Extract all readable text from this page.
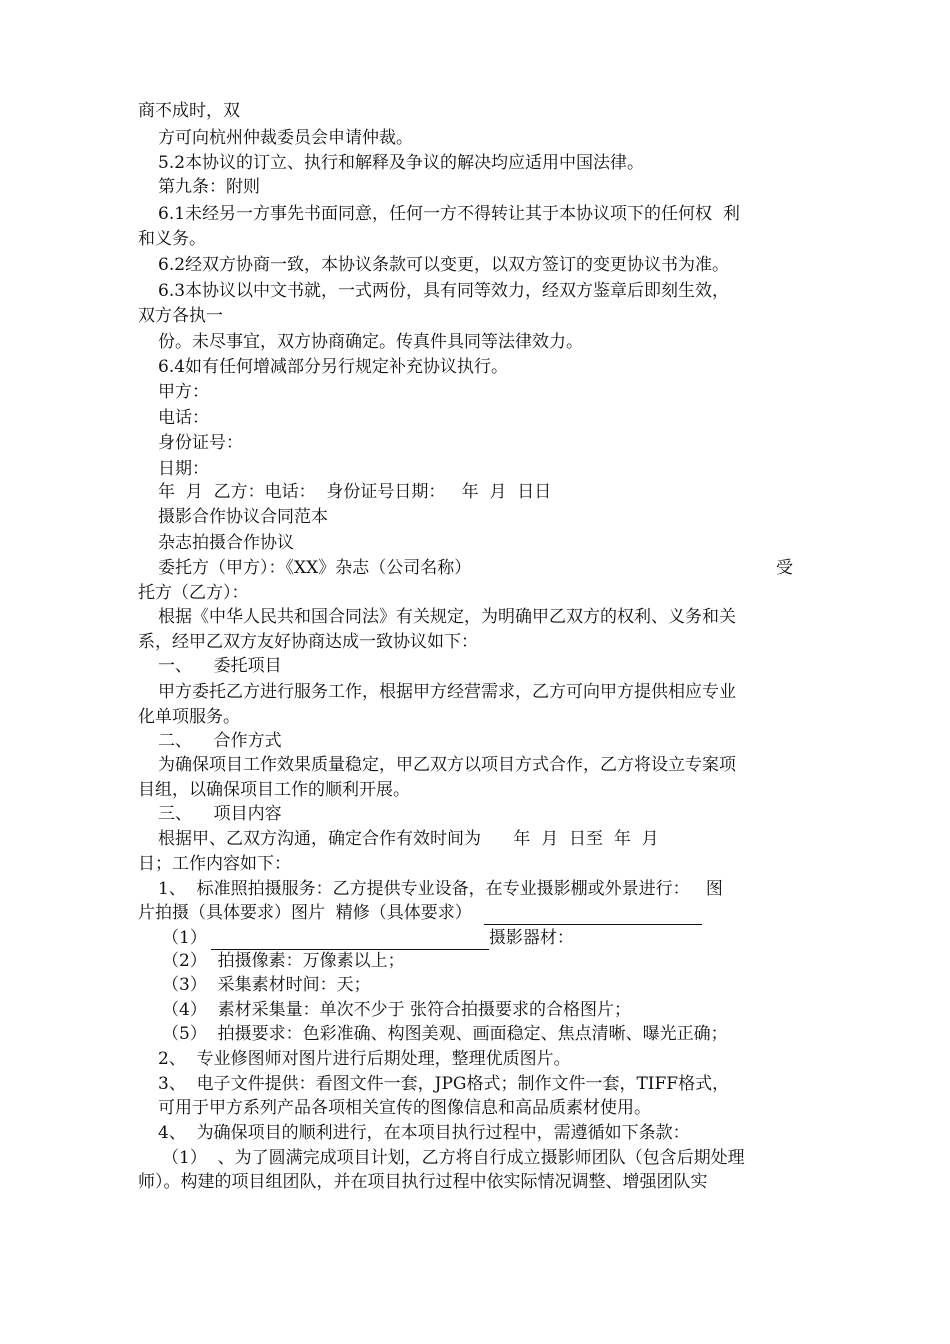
商不成时，双
方可向杭州仲裁委员会申请仲裁。
5.2本协议的订立、执行和解释及争议的解决均应适用中国法律。
第九条：附则
6.1未经另一方事先书面同意，任何一方不得转让其于本协议项下的任何权  利
和义务。
6.2经双方协商一致，本协议条款可以变更，以双方签订的变更协议书为准。
6.3本协议以中文书就，一式两份，具有同等效力，经双方鉴章后即刻生效，
双方各执一
份。未尽事宜，双方协商确定。传真件具同等法律效力。
6.4如有任何增减部分另行规定补充协议执行。
甲方：
电话：
身份证号：
日期：
年  月  乙方：电话：  身份证号日期：   年  月  日日
摄影合作协议合同范本
杂志拍摄合作协议
委托方（甲方）：《XX》杂志（公司名称）	受
托方（乙方）：
根据《中华人民共和国合同法》有关规定，为明确甲乙双方的权利、义务和关
系，经甲乙双方友好协商达成一致协议如下：
一、    委托项目
甲方委托乙方进行服务工作，根据甲方经营需求，乙方可向甲方提供相应专业
化单项服务。
二、    合作方式
为确保项目工作效果质量稳定，甲乙双方以项目方式合作，乙方将设立专案项
目组，以确保项目工作的顺利开展。
三、    项目内容
根据甲、乙双方沟通，确定合作有效时间为      年  月  日至  年  月
日；工作内容如下：
1、  标准照拍摄服务：乙方提供专业设备，在专业摄影棚或外景进行：   图
片拍摄（具体要求）图片  精修（具体要求）
（1）	摄影器材：
（2）  拍摄像素：万像素以上；
（3）  采集素材时间：天；
（4）  素材采集量：单次不少于 张符合拍摄要求的合格图片；
（5）  拍摄要求：色彩准确、构图美观、画面稳定、焦点清晰、曝光正确；
2、  专业修图师对图片进行后期处理，整理优质图片。
3、  电子文件提供：看图文件一套，JPG格式；制作文件一套，TIFF格式，
可用于甲方系列产品各项相关宣传的图像信息和高品质素材使用。
4、  为确保项目的顺利进行，在本项目执行过程中，需遵循如下条款：
（1）  、为了圆满完成项目计划，乙方将自行成立摄影师团队（包含后期处理
师）。构建的项目组团队，并在项目执行过程中依实际情况调整、增强团队实
